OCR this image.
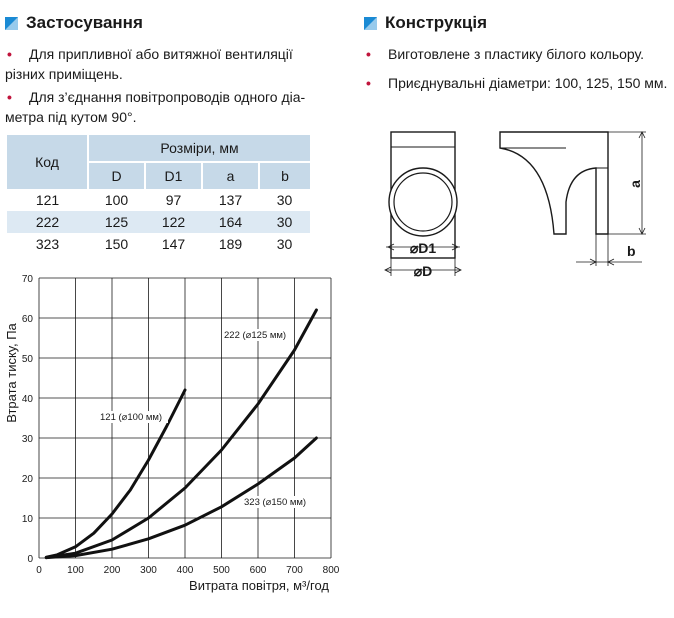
Застосування
• Для припливної або витяжної вентиляції
різних приміщень.
• Для з’єднання повітропроводів одного діа-
метра під кутом 90°.
Конструкція
• Виготовлене з пластику білого кольору.
• Приєднувальні діаметри: 100, 125, 150 мм.
Код	Розміри, мм			
	D	D1	a	b
121	100	97	137	30
222	125	122	164	30
323	150	147	189	30
0	100 200 300 400 500 600 700 800
0
10
20
30
40
50
60
70
Витрата повітря, м³/год
Втрата тиску, Па	121 (⌀100 мм)
222 (⌀125 мм)
323 (⌀150 мм)
⌀D1
⌀D
a
b
